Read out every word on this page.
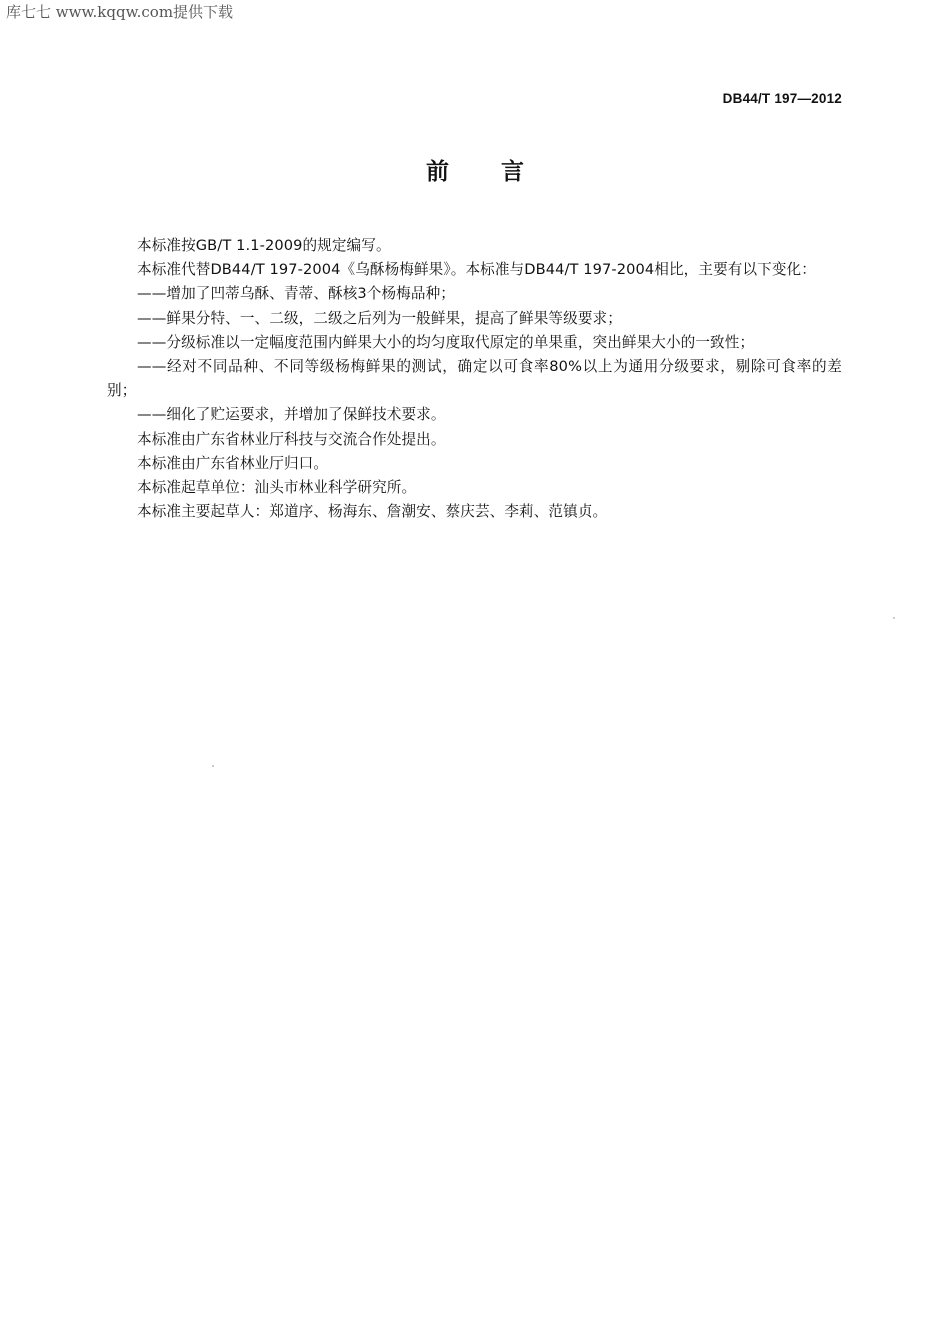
库七七 www.kqqw.com提供下载
DB44/T 197—2012
前言

本标准按GB/T 1.1-2009的规定编写。

本标准代替DB44/T 197-2004《乌酥杨梅鲜果》。本标准与DB44/T 197-2004相比，主要有以下变化：

——增加了凹蒂乌酥、青蒂、酥核3个杨梅品种；

——鲜果分特、一、二级，二级之后列为一般鲜果，提高了鲜果等级要求；

——分级标准以一定幅度范围内鲜果大小的均匀度取代原定的单果重，突出鲜果大小的一致性；

——经对不同品种、不同等级杨梅鲜果的测试，确定以可食率80%以上为通用分级要求，剔除可食率的差别；

——细化了贮运要求，并增加了保鲜技术要求。

本标准由广东省林业厅科技与交流合作处提出。

本标准由广东省林业厅归口。

本标准起草单位：汕头市林业科学研究所。

本标准主要起草人：郑道序、杨海东、詹潮安、蔡庆芸、李莉、范镇贞。
